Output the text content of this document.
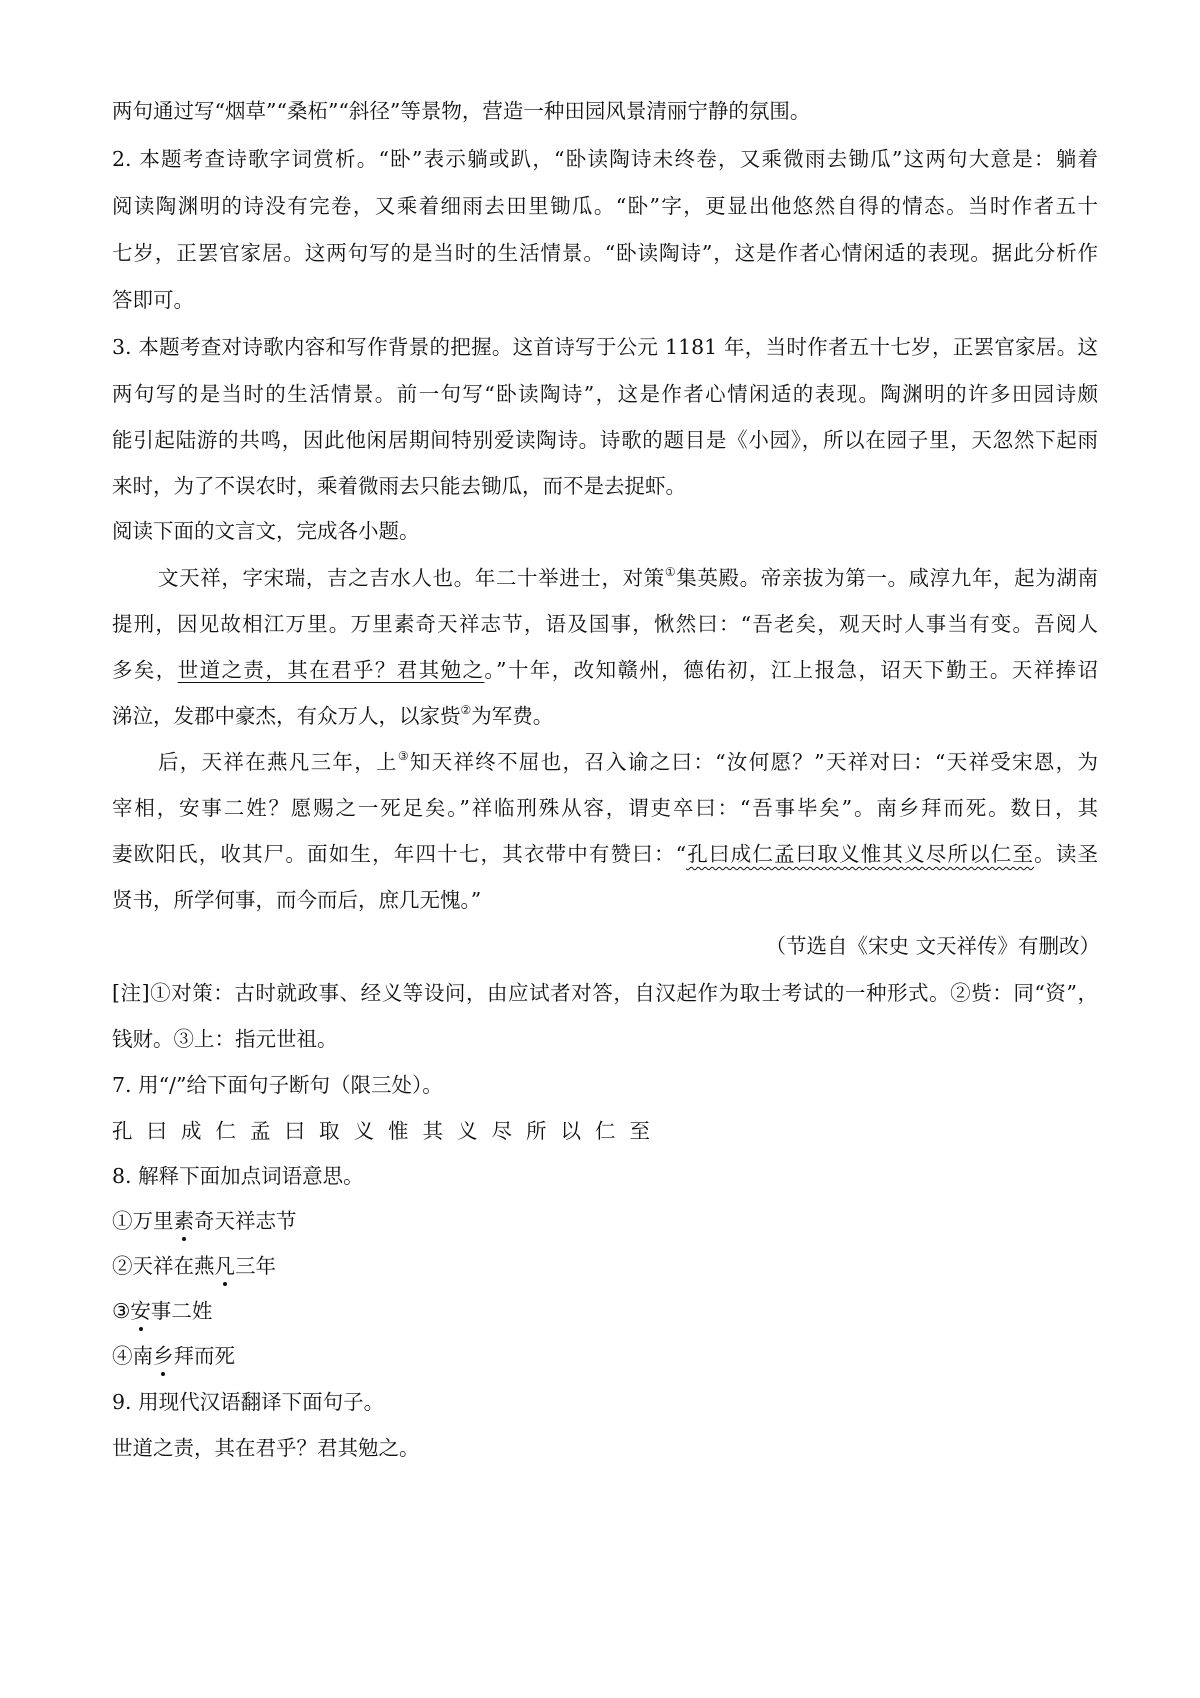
两句通过写“烟草”“桑柘”“斜径”等景物，营造一种田园风景清丽宁静的氛围。
2. 本题考查诗歌字词赏析。“卧”表示躺或趴，“卧读陶诗未终卷，又乘微雨去锄瓜”这两句大意是：躺着
阅读陶渊明的诗没有完卷，又乘着细雨去田里锄瓜。“卧”字，更显出他悠然自得的情态。当时作者五十
七岁，正罢官家居。这两句写的是当时的生活情景。“卧读陶诗”，这是作者心情闲适的表现。据此分析作
答即可。
3. 本题考查对诗歌内容和写作背景的把握。这首诗写于公元 1181 年，当时作者五十七岁，正罢官家居。这
两句写的是当时的生活情景。前一句写“卧读陶诗”，这是作者心情闲适的表现。陶渊明的许多田园诗颇
能引起陆游的共鸣，因此他闲居期间特别爱读陶诗。诗歌的题目是《小园》，所以在园子里，天忽然下起雨
来时，为了不误农时，乘着微雨去只能去锄瓜，而不是去捉虾。
阅读下面的文言文，完成各小题。
文天祥，字宋瑞，吉之吉水人也。年二十举进士，对策①集英殿。帝亲拔为第一。咸淳九年，起为湖南
提刑，因见故相江万里。万里素奇天祥志节，语及国事，愀然曰：“吾老矣，观天时人事当有变。吾阅人
多矣，世道之责，其在君乎？君其勉之。”十年，改知赣州，德佑初，江上报急，诏天下勤王。天祥捧诏
涕泣，发郡中豪杰，有众万人，以家赀②为军费。
后，天祥在燕凡三年，上③知天祥终不屈也，召入谕之曰：“汝何愿？”天祥对曰：“天祥受宋恩，为
宰相，安事二姓？愿赐之一死足矣。”祥临刑殊从容，谓吏卒曰：“吾事毕矣”。南乡拜而死。数日，其
妻欧阳氏，收其尸。面如生，年四十七，其衣带中有赞曰：“孔曰成仁孟曰取义惟其义尽所以仁至。读圣
贤书，所学何事，而今而后，庶几无愧。”
（节选自《宋史 文天祥传》有删改）
[注]①对策：古时就政事、经义等设问，由应试者对答，自汉起作为取士考试的一种形式。②赀：同“资”，
钱财。③上：指元世祖。
7. 用“/”给下面句子断句（限三处）。
孔曰成仁孟曰取义惟其义尽所以仁至
8. 解释下面加点词语意思。
①万里素奇天祥志节
②天祥在燕凡三年
③安事二姓
④南乡拜而死
9. 用现代汉语翻译下面句子。
世道之责，其在君乎？君其勉之。
